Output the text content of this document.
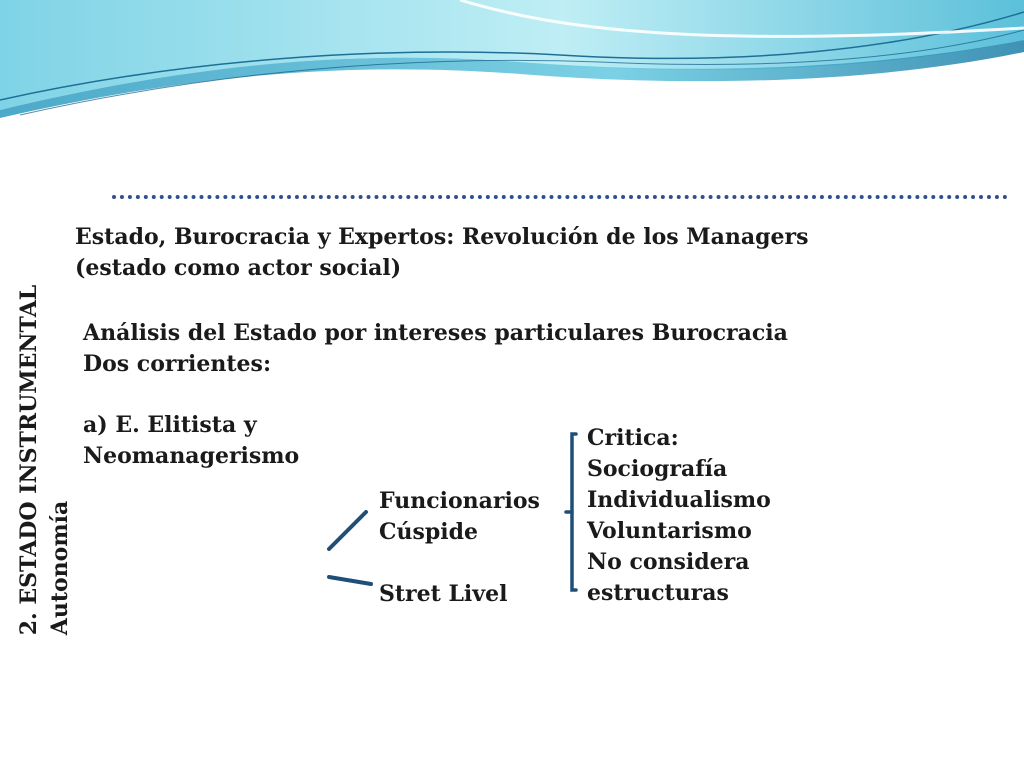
Estado, Burocracia y Expertos: Revolución de los Managers
(estado como actor social)
2. ESTADO INSTRUMENTAL Autonomía
Análisis del Estado por intereses particulares Burocracia
Dos corrientes:
a) E. Elitista y
Neomanagerismo
Funcionarios
Cúspide
Stret Livel
Critica:
Sociografía
Individualismo
Voluntarismo
No considera
estructuras
